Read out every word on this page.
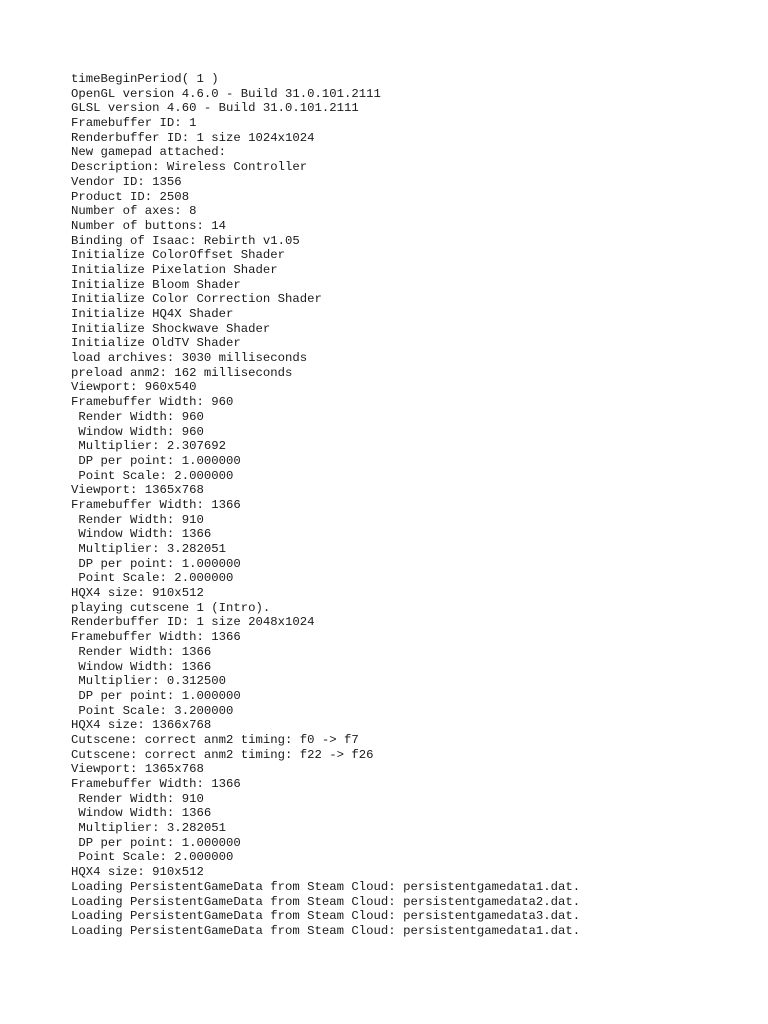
timeBeginPeriod( 1 )
OpenGL version 4.6.0 - Build 31.0.101.2111
GLSL version 4.60 - Build 31.0.101.2111
Framebuffer ID: 1
Renderbuffer ID: 1 size 1024x1024
New gamepad attached:
Description: Wireless Controller
Vendor ID: 1356
Product ID: 2508
Number of axes: 8
Number of buttons: 14
Binding of Isaac: Rebirth v1.05
Initialize ColorOffset Shader
Initialize Pixelation Shader
Initialize Bloom Shader
Initialize Color Correction Shader
Initialize HQ4X Shader
Initialize Shockwave Shader
Initialize OldTV Shader
load archives: 3030 milliseconds
preload anm2: 162 milliseconds
Viewport: 960x540
Framebuffer Width: 960
Render Width: 960
Window Width: 960
Multiplier: 2.307692
DP per point: 1.000000
Point Scale: 2.000000
Viewport: 1365x768
Framebuffer Width: 1366
Render Width: 910
Window Width: 1366
Multiplier: 3.282051
DP per point: 1.000000
Point Scale: 2.000000
HQX4 size: 910x512
playing cutscene 1 (Intro).
Renderbuffer ID: 1 size 2048x1024
Framebuffer Width: 1366
Render Width: 1366
Window Width: 1366
Multiplier: 0.312500
DP per point: 1.000000
Point Scale: 3.200000
HQX4 size: 1366x768
Cutscene: correct anm2 timing: f0 -> f7
Cutscene: correct anm2 timing: f22 -> f26
Viewport: 1365x768
Framebuffer Width: 1366
Render Width: 910
Window Width: 1366
Multiplier: 3.282051
DP per point: 1.000000
Point Scale: 2.000000
HQX4 size: 910x512
Loading PersistentGameData from Steam Cloud: persistentgamedata1.dat.
Loading PersistentGameData from Steam Cloud: persistentgamedata2.dat.
Loading PersistentGameData from Steam Cloud: persistentgamedata3.dat.
Loading PersistentGameData from Steam Cloud: persistentgamedata1.dat.
